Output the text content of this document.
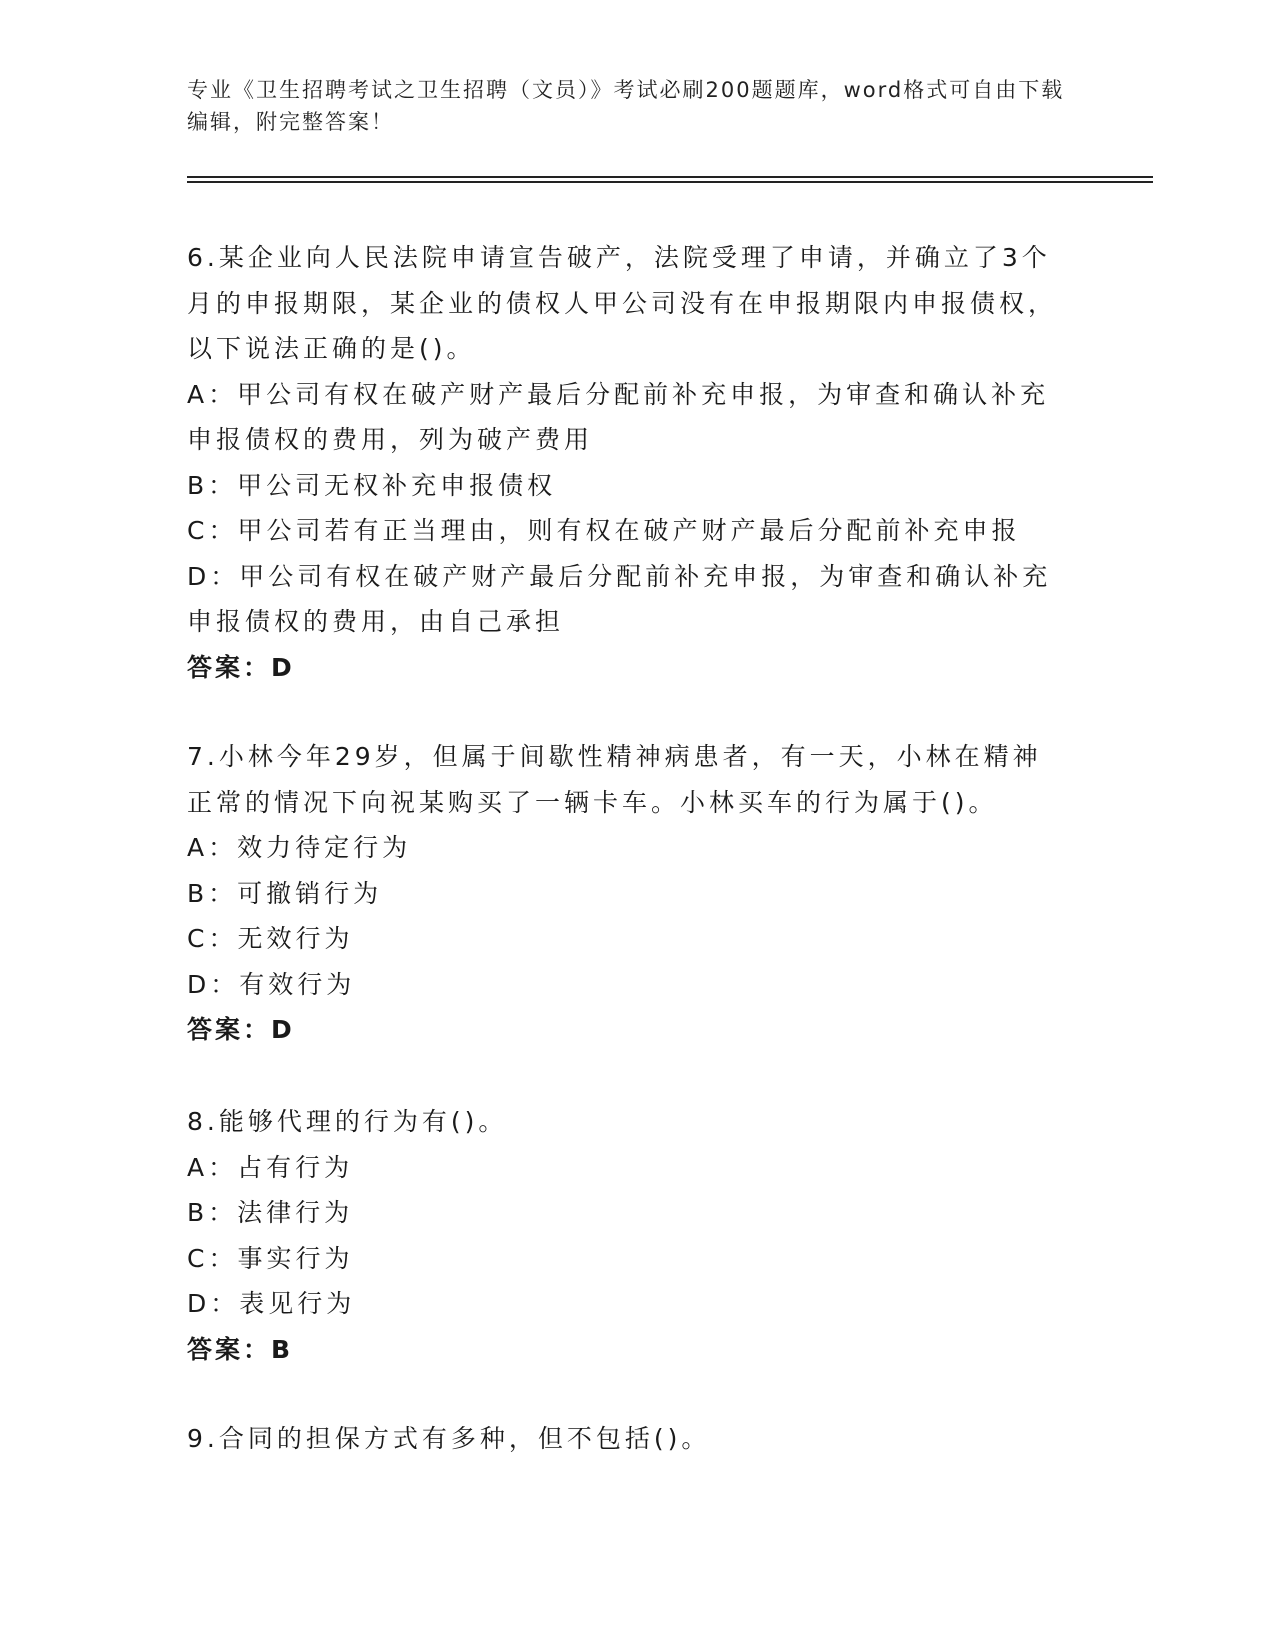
专业《卫生招聘考试之卫生招聘（文员）》考试必刷200题题库，word格式可自由下载编辑，附完整答案！

6.某企业向人民法院申请宣告破产，法院受理了申请，并确立了3个月的申报期限，某企业的债权人甲公司没有在申报期限内申报债权，以下说法正确的是()。

A：甲公司有权在破产财产最后分配前补充申报，为审查和确认补充申报债权的费用，列为破产费用

B：甲公司无权补充申报债权

C：甲公司若有正当理由，则有权在破产财产最后分配前补充申报

D：甲公司有权在破产财产最后分配前补充申报，为审查和确认补充申报债权的费用，由自己承担

答案：D

7.小林今年29岁，但属于间歇性精神病患者，有一天，小林在精神正常的情况下向祝某购买了一辆卡车。小林买车的行为属于()。

A：效力待定行为

B：可撤销行为

C：无效行为

D：有效行为

答案：D

8.能够代理的行为有()。

A：占有行为

B：法律行为

C：事实行为

D：表见行为

答案：B

9.合同的担保方式有多种，但不包括()。
